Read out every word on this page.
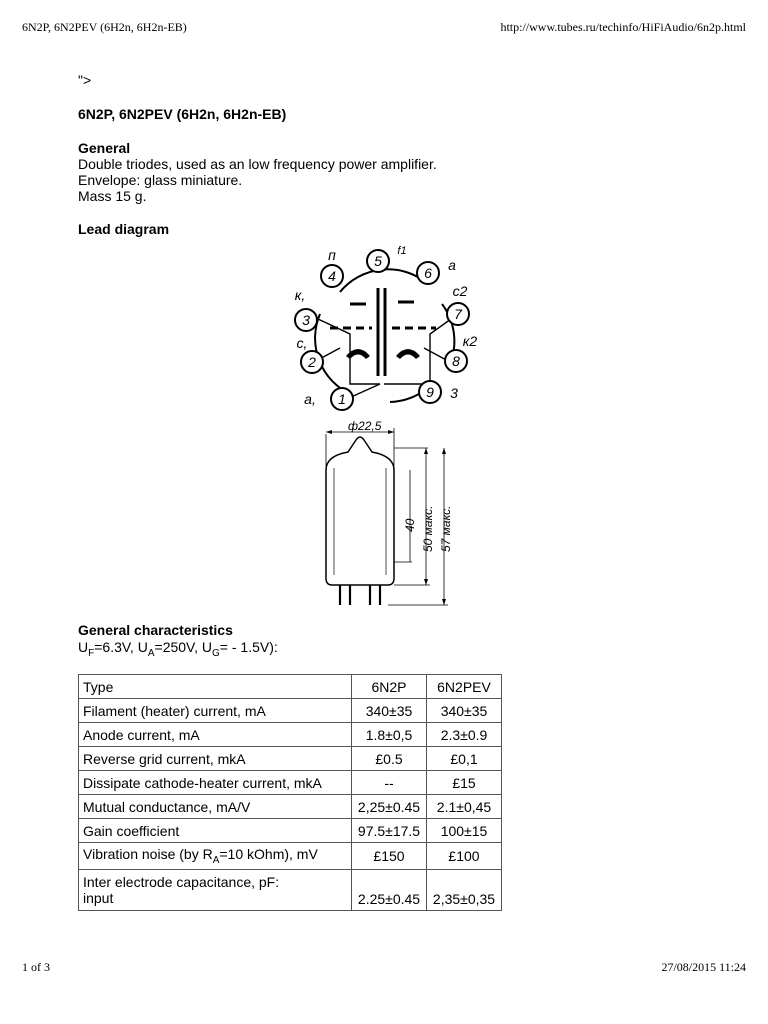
6N2P, 6N2PEV (6H2n, 6H2n-EB)	http://www.tubes.ru/techinfo/HiFiAudio/6n2p.html

">

6N2P, 6N2PEV (6H2n, 6H2n-EB)
General

Double triodes, used as an low frequency power amplifier.

Envelope: glass miniature.

Mass 15 g.

Lead diagram
1
2
3
4
5
6
7
8
9
a,
c,
к,
п	f1
a
c2
к2
3
ф22,5
40 50 макс. 57 макс.
General characteristics
$U_F=6.3V$, $U_A=250V$, $U_G= - 1.5V$):
Type	6N2P	6N2PEV
Filament (heater) current, mA	340±35	340±35
Anode current, mA	1.8±0,5	2.3±0.9
Reverse grid current, mkA	£0.5	£0,1
Dissipate cathode-heater current, mkA	--	£15
Mutual conductance, mA/V	2,25±0.45	2.1±0,45
Gain coefficient	97.5±17.5	100±15
Vibration noise (by $R_A=10$ kOhm), mV	£150	£100

Inter electrode capacitance, pF:
input	2.25±0.45	2,35±0,35
1 of 3	27/08/2015 11:24
